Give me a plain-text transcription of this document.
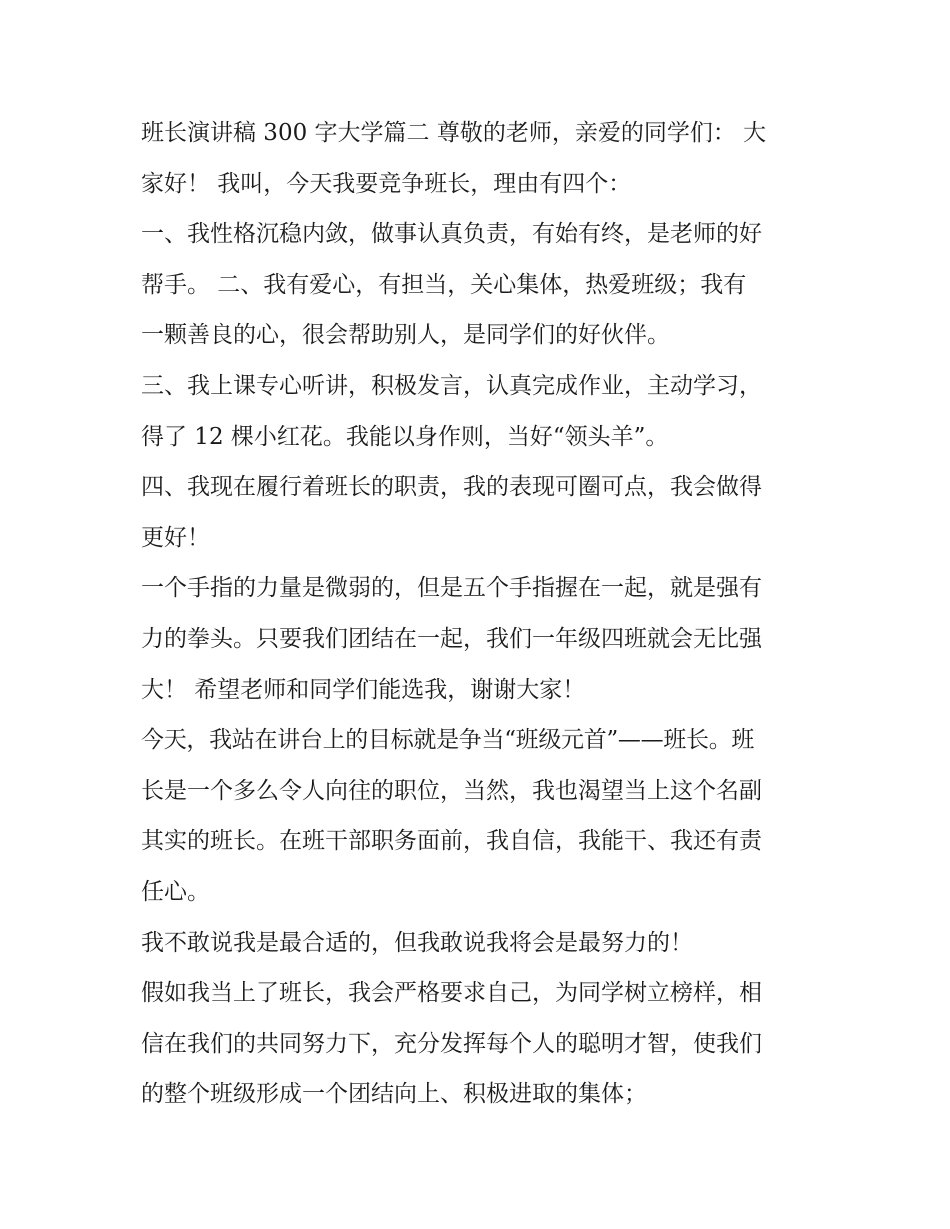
班长演讲稿 300 字大学篇二 尊敬的老师，亲爱的同学们： 大
家好！ 我叫，今天我要竞争班长，理由有四个：
一、我性格沉稳内敛，做事认真负责，有始有终，是老师的好
帮手。 二、我有爱心，有担当，关心集体，热爱班级；我有
一颗善良的心，很会帮助别人，是同学们的好伙伴。
三、我上课专心听讲，积极发言，认真完成作业，主动学习，
得了 12 棵小红花。我能以身作则，当好“领头羊”。
四、我现在履行着班长的职责，我的表现可圈可点，我会做得
更好！
一个手指的力量是微弱的，但是五个手指握在一起，就是强有
力的拳头。只要我们团结在一起，我们一年级四班就会无比强
大！ 希望老师和同学们能选我，谢谢大家！
今天，我站在讲台上的目标就是争当“班级元首”——班长。班
长是一个多么令人向往的职位，当然，我也渴望当上这个名副
其实的班长。在班干部职务面前，我自信，我能干、我还有责
任心。
我不敢说我是最合适的，但我敢说我将会是最努力的！
假如我当上了班长，我会严格要求自己，为同学树立榜样，相
信在我们的共同努力下，充分发挥每个人的聪明才智，使我们
的整个班级形成一个团结向上、积极进取的集体；
